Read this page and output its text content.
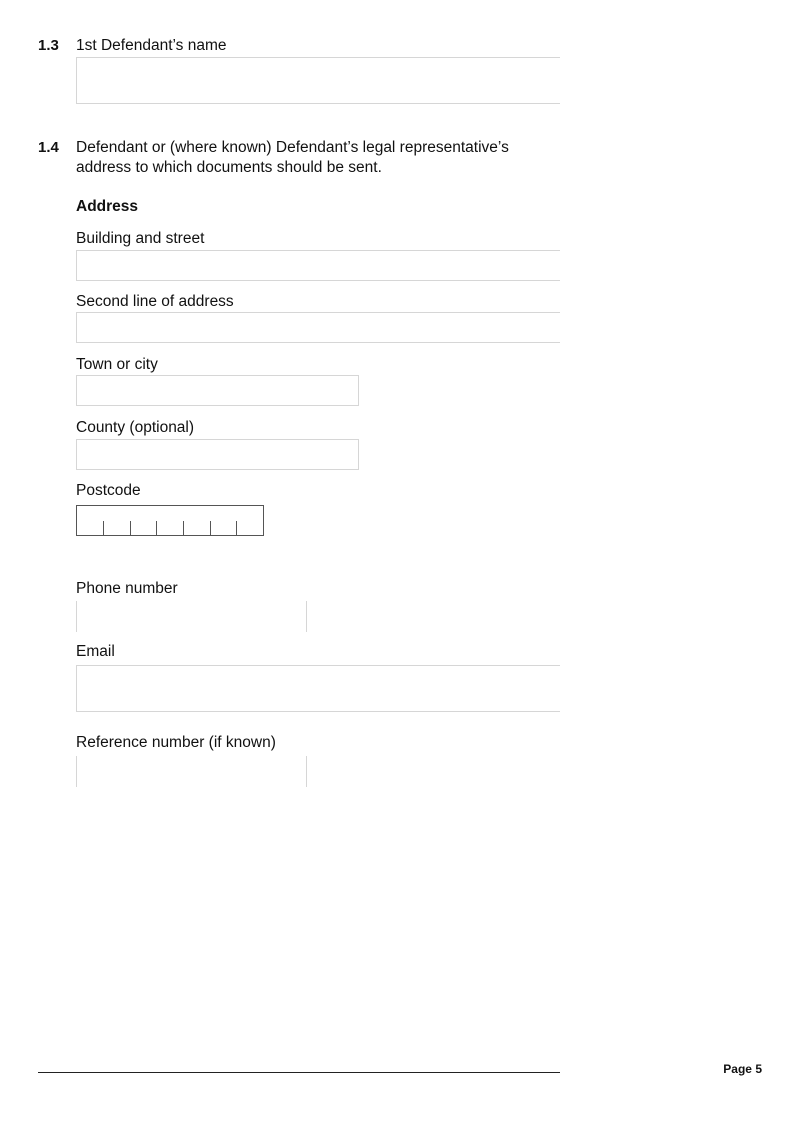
1.3 1st Defendant’s name
1.4 Defendant or (where known) Defendant’s legal representative’s
address to which documents should be sent.
Address
Building and street
Second line of address
Town or city
County (optional)
Postcode
Phone number
Email
Reference number (if known)
Page 5
